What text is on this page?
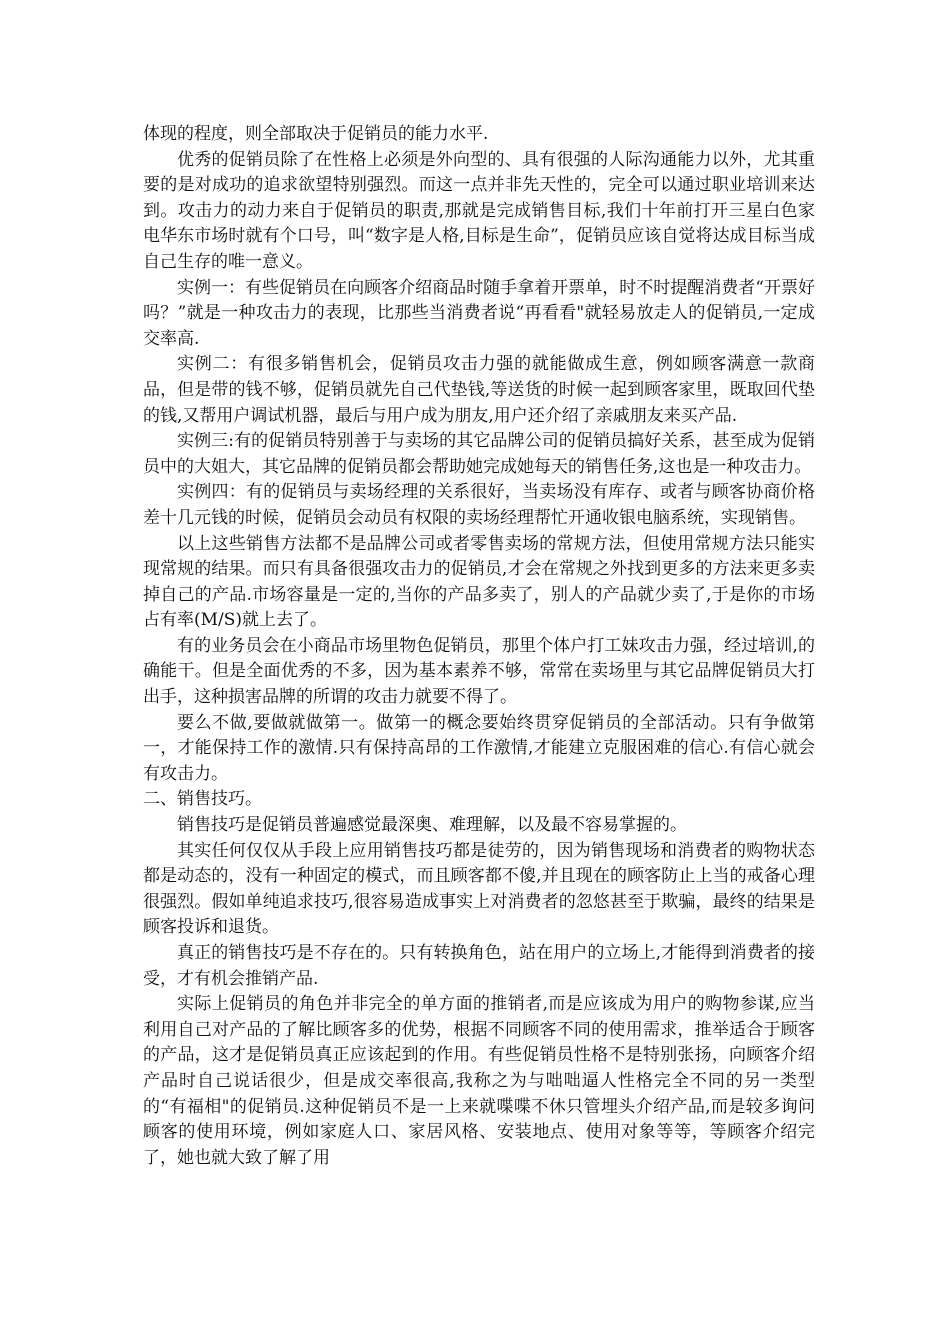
体现的程度，则全部取决于促销员的能力水平.

优秀的促销员除了在性格上必须是外向型的、具有很强的人际沟通能力以外，尤其重要的是对成功的追求欲望特别强烈。而这一点并非先天性的，完全可以通过职业培训来达到。攻击力的动力来自于促销员的职责,那就是完成销售目标,我们十年前打开三星白色家电华东市场时就有个口号，叫“数字是人格,目标是生命”，促销员应该自觉将达成目标当成自己生存的唯一意义。

实例一：有些促销员在向顾客介绍商品时随手拿着开票单，时不时提醒消费者“开票好吗？”就是一种攻击力的表现，比那些当消费者说“再看看"就轻易放走人的促销员,一定成交率高.

实例二：有很多销售机会，促销员攻击力强的就能做成生意，例如顾客满意一款商品，但是带的钱不够，促销员就先自己代垫钱,等送货的时候一起到顾客家里，既取回代垫的钱,又帮用户调试机器，最后与用户成为朋友,用户还介绍了亲戚朋友来买产品.

实例三:有的促销员特别善于与卖场的其它品牌公司的促销员搞好关系，甚至成为促销员中的大姐大，其它品牌的促销员都会帮助她完成她每天的销售任务,这也是一种攻击力。

实例四：有的促销员与卖场经理的关系很好，当卖场没有库存、或者与顾客协商价格差十几元钱的时候，促销员会动员有权限的卖场经理帮忙开通收银电脑系统，实现销售。

以上这些销售方法都不是品牌公司或者零售卖场的常规方法，但使用常规方法只能实现常规的结果。而只有具备很强攻击力的促销员,才会在常规之外找到更多的方法来更多卖掉自己的产品.市场容量是一定的,当你的产品多卖了，别人的产品就少卖了,于是你的市场占有率(M/S)就上去了。

有的业务员会在小商品市场里物色促销员，那里个体户打工妹攻击力强，经过培训,的确能干。但是全面优秀的不多，因为基本素养不够，常常在卖场里与其它品牌促销员大打出手，这种损害品牌的所谓的攻击力就要不得了。

要么不做,要做就做第一。做第一的概念要始终贯穿促销员的全部活动。只有争做第一，才能保持工作的激情.只有保持高昂的工作激情,才能建立克服困难的信心.有信心就会有攻击力。

二、销售技巧。

销售技巧是促销员普遍感觉最深奥、难理解，以及最不容易掌握的。

其实任何仅仅从手段上应用销售技巧都是徒劳的，因为销售现场和消费者的购物状态都是动态的，没有一种固定的模式，而且顾客都不傻,并且现在的顾客防止上当的戒备心理很强烈。假如单纯追求技巧,很容易造成事实上对消费者的忽悠甚至于欺骗，最终的结果是顾客投诉和退货。

真正的销售技巧是不存在的。只有转换角色，站在用户的立场上,才能得到消费者的接受，才有机会推销产品.

实际上促销员的角色并非完全的单方面的推销者,而是应该成为用户的购物参谋,应当利用自己对产品的了解比顾客多的优势，根据不同顾客不同的使用需求，推举适合于顾客的产品，这才是促销员真正应该起到的作用。有些促销员性格不是特别张扬，向顾客介绍产品时自己说话很少，但是成交率很高,我称之为与咄咄逼人性格完全不同的另一类型的“有福相"的促销员.这种促销员不是一上来就喋喋不休只管埋头介绍产品,而是较多询问顾客的使用环境，例如家庭人口、家居风格、安装地点、使用对象等等，等顾客介绍完了，她也就大致了解了用
